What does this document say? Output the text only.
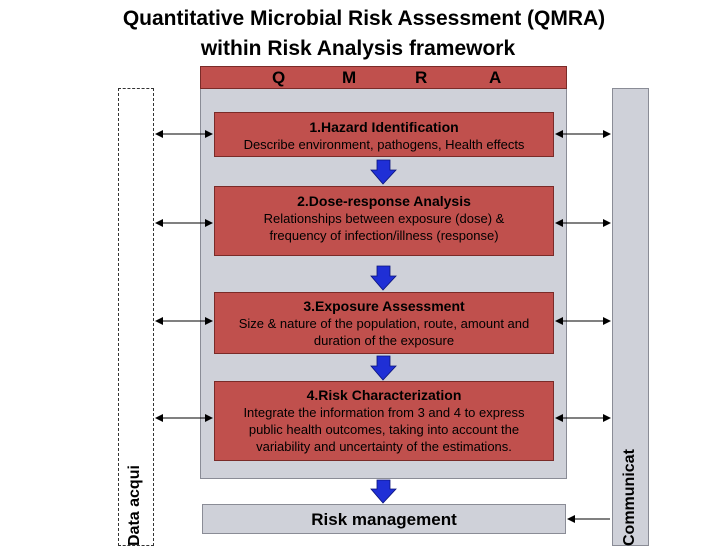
Quantitative Microbial Risk Assessment (QMRA)
within Risk Analysis framework
Data acqui	Communicat
Q	M	R	A
1.Hazard Identification
Describe environment, pathogens, Health effects
2.Dose-response Analysis
Relationships between exposure (dose) &
frequency of infection/illness (response)
3.Exposure Assessment
Size & nature of the population, route, amount and
duration of the exposure
4.Risk Characterization
Integrate the information from 3 and 4 to express
public health outcomes, taking into account the
variability and uncertainty of the estimations.
Risk management
